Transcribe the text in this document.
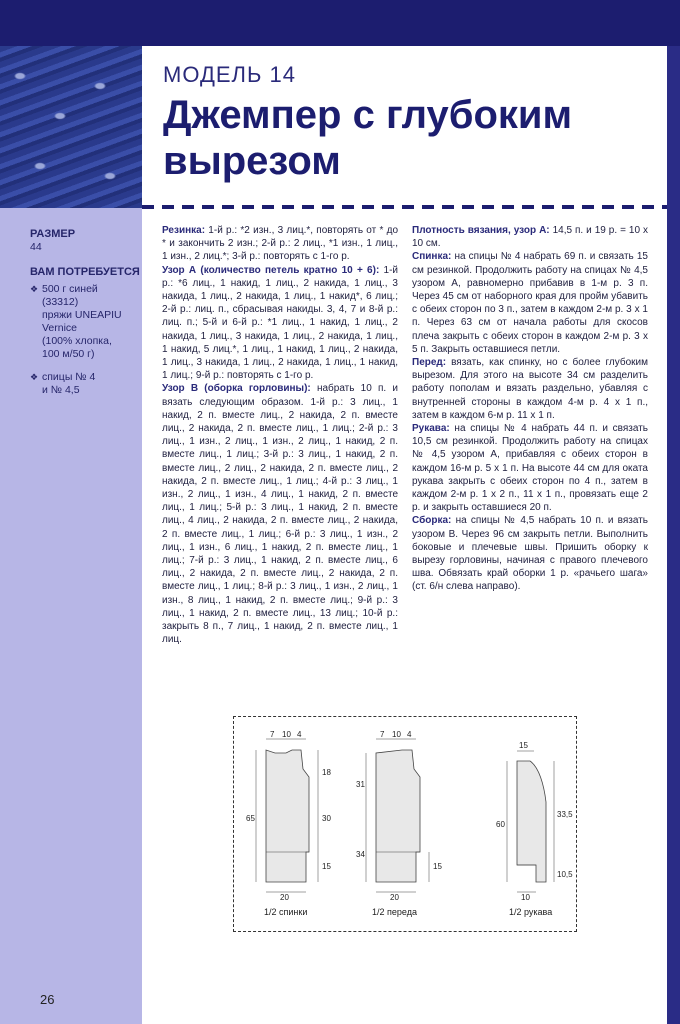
МОДЕЛЬ 14
Джемпер с глубоким вырезом
РАЗМЕР
44
ВАМ ПОТРЕБУЕТСЯ
❖ 500 г синей
(33312)
пряжи UNEAPIU
Vernice
(100% хлопка,
100 м/50 г)
❖ спицы № 4
и № 4,5

Резинка: 1-й р.: *2 изн., 3 лиц.*, повторять от * до * и закончить 2 изн.; 2-й р.: 2 лиц., *1 изн., 1 лиц., 1 изн., 2 лиц.*; 3-й р.: повторять с 1-го р.

Узор А (количество петель кратно 10 + 6): 1-й р.: *6 лиц., 1 накид, 1 лиц., 2 накида, 1 лиц., 3 накида, 1 лиц., 2 накида, 1 лиц., 1 накид*, 6 лиц.; 2-й р.: лиц. п., сбрасывая накиды. 3, 4, 7 и 8-й р.: лиц. п.; 5-й и 6-й р.: *1 лиц., 1 накид, 1 лиц., 2 накида, 1 лиц., 3 накида, 1 лиц., 2 накида, 1 лиц., 1 накид, 5 лиц.*, 1 лиц., 1 накид, 1 лиц., 2 накида, 1 лиц., 3 накида, 1 лиц., 2 накида, 1 лиц., 1 накид, 1 лиц.; 9-й р.: повторять с 1-го р.

Узор В (оборка горловины): набрать 10 п. и вязать следующим образом. 1-й р.: 3 лиц., 1 накид, 2 п. вместе лиц., 2 накида, 2 п. вместе лиц., 2 накида, 2 п. вместе лиц., 1 лиц.; 2-й р.: 3 лиц., 1 изн., 2 лиц., 1 изн., 2 лиц., 1 накид, 2 п. вместе лиц., 1 лиц.; 3-й р.: 3 лиц., 1 накид, 2 п. вместе лиц., 2 лиц., 2 накида, 2 п. вместе лиц., 2 накида, 2 п. вместе лиц., 1 лиц.; 4-й р.: 3 лиц., 1 изн., 2 лиц., 1 изн., 4 лиц., 1 накид, 2 п. вместе лиц., 1 лиц.; 5-й р.: 3 лиц., 1 накид, 2 п. вместе лиц., 4 лиц., 2 накида, 2 п. вместе лиц., 2 накида, 2 п. вместе лиц., 1 лиц.; 6-й р.: 3 лиц., 1 изн., 2 лиц., 1 изн., 6 лиц., 1 накид, 2 п. вместе лиц., 1 лиц.; 7-й р.: 3 лиц., 1 накид, 2 п. вместе лиц., 6 лиц., 2 накида, 2 п. вместе лиц., 2 накида, 2 п. вместе лиц., 1 лиц.; 8-й р.: 3 лиц., 1 изн., 2 лиц., 1 изн., 8 лиц., 1 накид, 2 п. вместе лиц.; 9-й р.: 3 лиц., 1 накид, 2 п. вместе лиц., 13 лиц.; 10-й р.: закрыть 8 п., 7 лиц., 1 накид, 2 п. вместе лиц., 1 лиц.

Плотность вязания, узор А: 14,5 п. и 19 р. = 10 х 10 см.

Спинка: на спицы № 4 набрать 69 п. и связать 15 см резинкой. Продолжить работу на спицах № 4,5 узором А, равномерно прибавив в 1-м р. 3 п. Через 45 см от наборного края для пройм убавить с обеих сторон по 3 п., затем в каждом 2-м р. 3 х 1 п. Через 63 см от начала работы для скосов плеча закрыть с обеих сторон в каждом 2-м р. 3 х 5 п. Закрыть оставшиеся петли.

Перед: вязать, как спинку, но с более глубоким вырезом. Для этого на высоте 34 см разделить работу пополам и вязать раздельно, убавляя с внутренней стороны в каждом 4-м р. 4 х 1 п., затем в каждом 6-м р. 11 х 1 п.

Рукава: на спицы № 4 набрать 44 п. и связать 10,5 см резинкой. Продолжить работу на спицах № 4,5 узором А, прибавляя с обеих сторон в каждом 16-м р. 5 х 1 п. На высоте 44 см для оката рукава закрыть с обеих сторон по 4 п., затем в каждом 2-м р. 1 х 2 п., 11 х 1 п., провязать еще 2 р. и закрыть оставшиеся 20 п.

Сборка: на спицы № 4,5 набрать 10 п. и вязать узором В. Через 96 см закрыть петли. Выполнить боковые и плечевые швы. Пришить оборку к вырезу горловины, начиная с правого плечевого шва. Обвязать край оборки 1 р. «рачьего шага» (ст. 6/н слева направо).

7 10 4
18
30
15
65
20
1/2 спинки
7 10 4
31
34
15
20
1/2 переда
15
33,5
10,5
60
10
1/2 рукава
26
